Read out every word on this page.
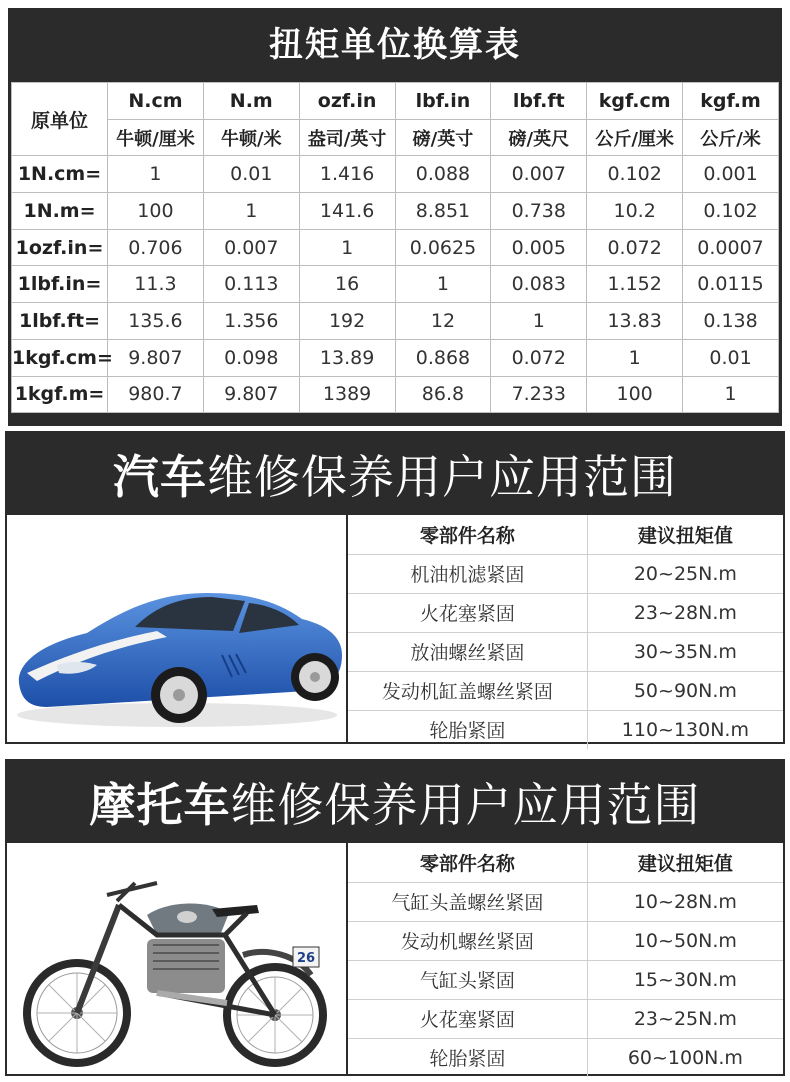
扭矩单位换算表
原单位	N.cm	N.m	ozf.in	lbf.in	lbf.ft	kgf.cm	kgf.m
	牛顿/厘米	牛顿/米	盎司/英寸	磅/英寸	磅/英尺	公斤/厘米	公斤/米
1N.cm=	1	0.01	1.416	0.088	0.007	0.102	0.001
1N.m=	100	1	141.6	8.851	0.738	10.2	0.102
1ozf.in=	0.706	0.007	1	0.0625	0.005	0.072	0.0007
1lbf.in=	11.3	0.113	16	1	0.083	1.152	0.0115
1lbf.ft=	135.6	1.356	192	12	1	13.83	0.138
1kgf.cm=	9.807	0.098	13.89	0.868	0.072	1	0.01
1kgf.m=	980.7	9.807	1389	86.8	7.233	100	1
汽车 维修保养用户应用范围
零部件名称	建议扭矩值
机油机滤紧固	20~25N.m
火花塞紧固	23~28N.m
放油螺丝紧固	30~35N.m
发动机缸盖螺丝紧固	50~90N.m
轮胎紧固	110~130N.m
摩托车 维修保养用户应用范围
26
零部件名称	建议扭矩值
气缸头盖螺丝紧固	10~28N.m
发动机螺丝紧固	10~50N.m
气缸头紧固	15~30N.m
火花塞紧固	23~25N.m
轮胎紧固	60~100N.m
